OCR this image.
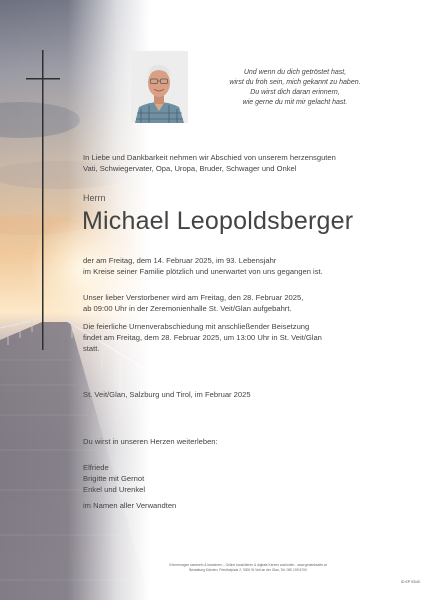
Und wenn du dich getröstet hast,
wirst du froh sein, mich gekannt zu haben.
Du wirst dich daran erinnern,
wie gerne du mit mir gelacht hast.
In Liebe und Dankbarkeit nehmen wir Abschied von unserem herzensguten
Vati, Schwiegervater, Opa, Uropa, Bruder, Schwager und Onkel
Herrn
Michael Leopoldsberger
der am Freitag, dem 14. Februar 2025, im 93. Lebensjahr
im Kreise seiner Familie plötzlich und unerwartet von uns gegangen ist.
Unser lieber Verstorbener wird am Freitag, den 28. Februar 2025,
ab 09:00 Uhr in der Zeremonienhalle St. Veit/Glan aufgebahrt.
Die feierliche Urnenverabschiedung mit anschließender Beisetzung
findet am Freitag, dem 28. Februar 2025, um 13:00 Uhr in St. Veit/Glan
statt.
St. Veit/Glan, Salzburg und Tirol, im Februar 2025
Du wirst in unseren Herzen weiterleben:
Elfriede
Brigitte mit Gernot
Enkel und Urenkel
im Namen aller Verwandten
Erinnerungen sammeln & bewahren – Online kondolieren & digitale Kerzen anzünden - www.gedenkseite.at
Bestattung Kärnten, Friedhofplatz 2, 9300 St Veit an der Glan, Tel. 050 199 6700
ID EP 93/40
